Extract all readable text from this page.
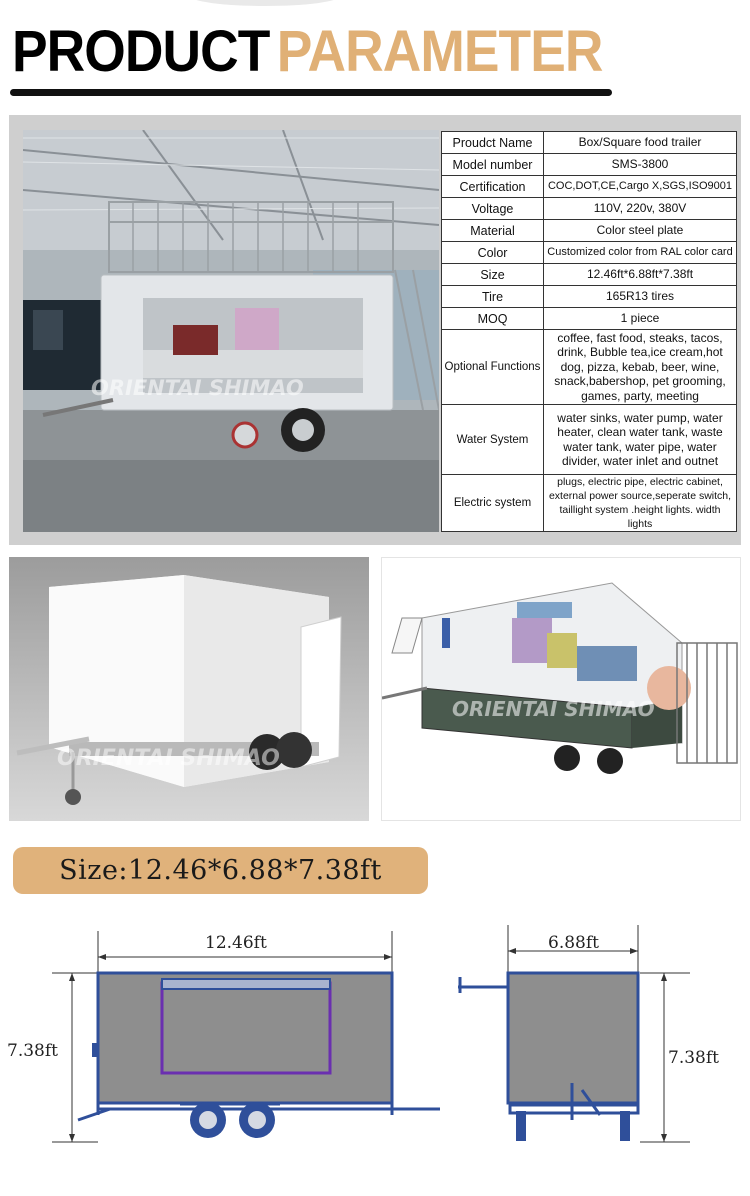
PRODUCT PARAMETER
ORIENTAI SHIMAO
Proudct Name	Box/Square food trailer
Model number	SMS-3800
Certification	COC,DOT,CE,Cargo X,SGS,ISO9001
Voltage	110V, 220v, 380V
Material	Color steel plate
Color	Customized color from RAL color card
Size	12.46ft*6.88ft*7.38ft
Tire	165R13 tires
MOQ	1 piece
Optional Functions	coffee, fast food, steaks, tacos, drink, Bubble tea,ice cream,hot dog, pizza, kebab, beer, wine, snack,babershop, pet grooming, games, party, meeting
Water System	water sinks, water pump, water heater, clean water tank, waste water tank, water pipe, water divider, water inlet and outnet
Electric system	plugs, electric pipe, electric cabinet, external power source,seperate switch, taillight system .height lights. width lights
ORIENTAI SHIMAO
ORIENTAI SHIMAO
Size:12.46*6.88*7.38ft
12.46ft
7.38ft
6.88ft
7.38ft
